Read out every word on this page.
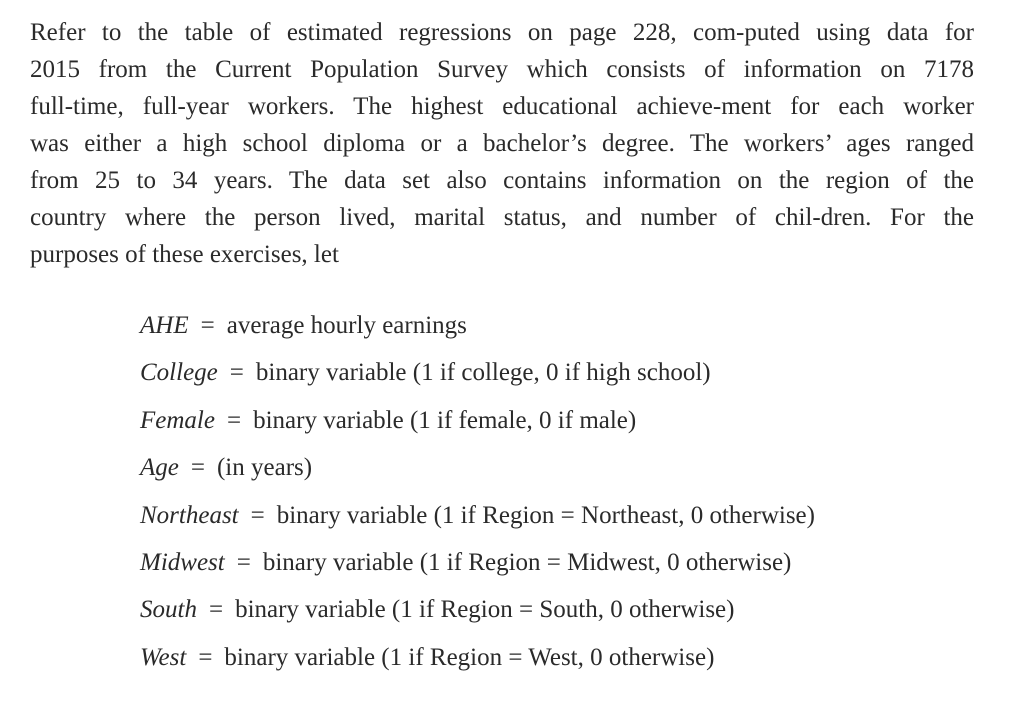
Refer to the table of estimated regressions on page 228, com-puted using data for
2015 from the Current Population Survey which consists of information on 7178
full-time, full-year workers. The highest educational achieve-ment for each worker
was either a high school diploma or a bachelor’s degree. The workers’ ages ranged
from 25 to 34 years. The data set also contains information on the region of the
country where the person lived, marital status, and number of chil-dren. For the
purposes of these exercises, let

AHE = average hourly earnings
College = binary variable (1 if college, 0 if high school)
Female = binary variable (1 if female, 0 if male)
Age = (in years)
Northeast = binary variable (1 if Region = Northeast, 0 otherwise)
Midwest = binary variable (1 if Region = Midwest, 0 otherwise)
South = binary variable (1 if Region = South, 0 otherwise)
West = binary variable (1 if Region = West, 0 otherwise)
